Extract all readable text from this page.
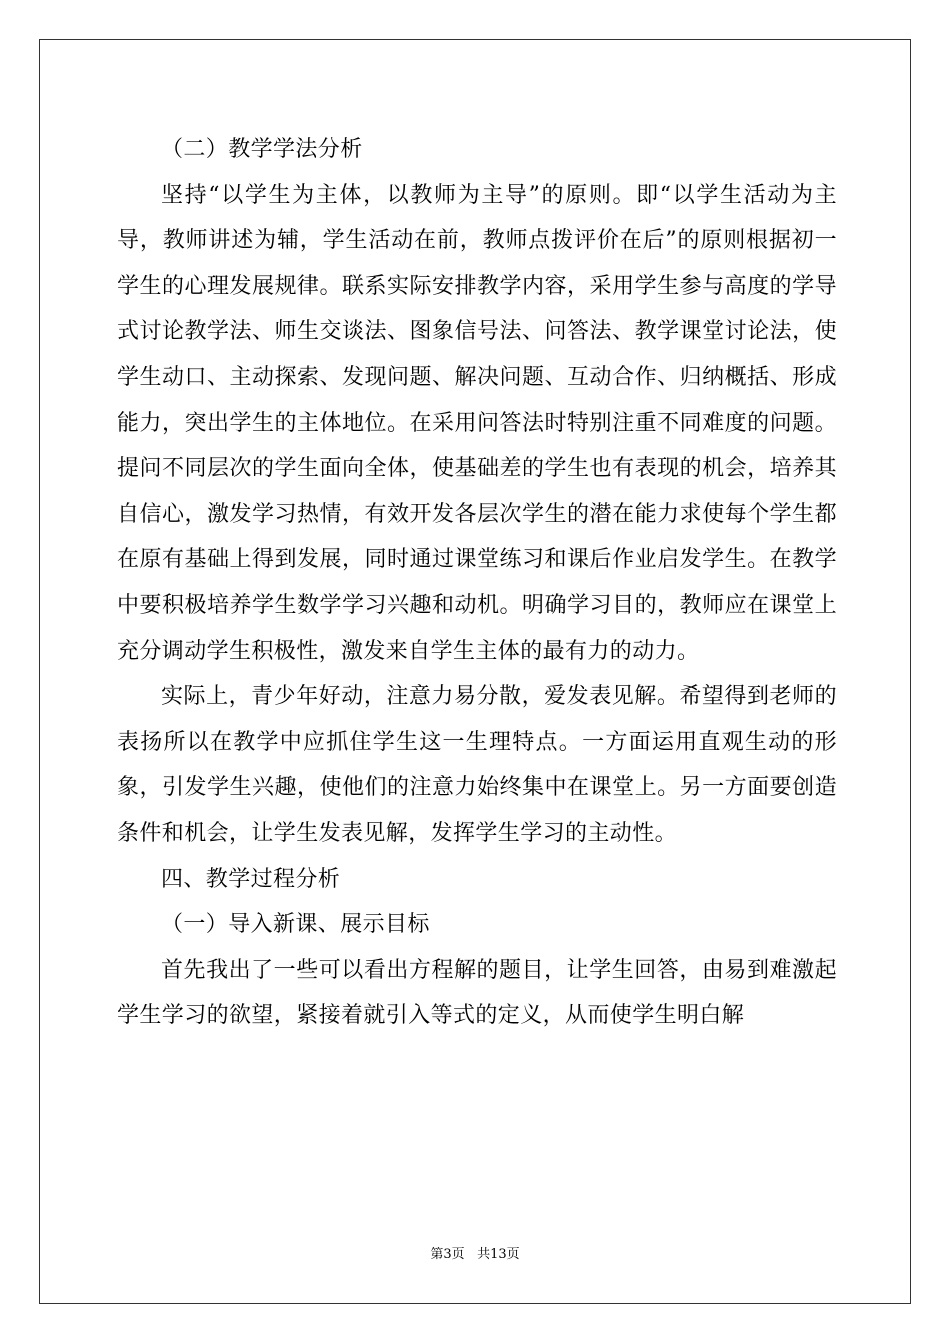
（二）教学学法分析

坚持“以学生为主体，以教师为主导”的原则。即“以学生活动为主导，教师讲述为辅，学生活动在前，教师点拨评价在后”的原则根据初一学生的心理发展规律。联系实际安排教学内容，采用学生参与高度的学导式讨论教学法、师生交谈法、图象信号法、问答法、教学课堂讨论法，使学生动口、主动探索、发现问题、解决问题、互动合作、归纳概括、形成能力，突出学生的主体地位。在采用问答法时特别注重不同难度的问题。提问不同层次的学生面向全体，使基础差的学生也有表现的机会，培养其自信心，激发学习热情，有效开发各层次学生的潜在能力求使每个学生都在原有基础上得到发展，同时通过课堂练习和课后作业启发学生。在教学中要积极培养学生数学学习兴趣和动机。明确学习目的，教师应在课堂上充分调动学生积极性，激发来自学生主体的最有力的动力。

实际上，青少年好动，注意力易分散，爱发表见解。希望得到老师的表扬所以在教学中应抓住学生这一生理特点。一方面运用直观生动的形象，引发学生兴趣，使他们的注意力始终集中在课堂上。另一方面要创造条件和机会，让学生发表见解，发挥学生学习的主动性。

四、教学过程分析

（一）导入新课、展示目标

首先我出了一些可以看出方程解的题目，让学生回答，由易到难激起学生学习的欲望，紧接着就引入等式的定义，从而使学生明白解

第3页 共13页
